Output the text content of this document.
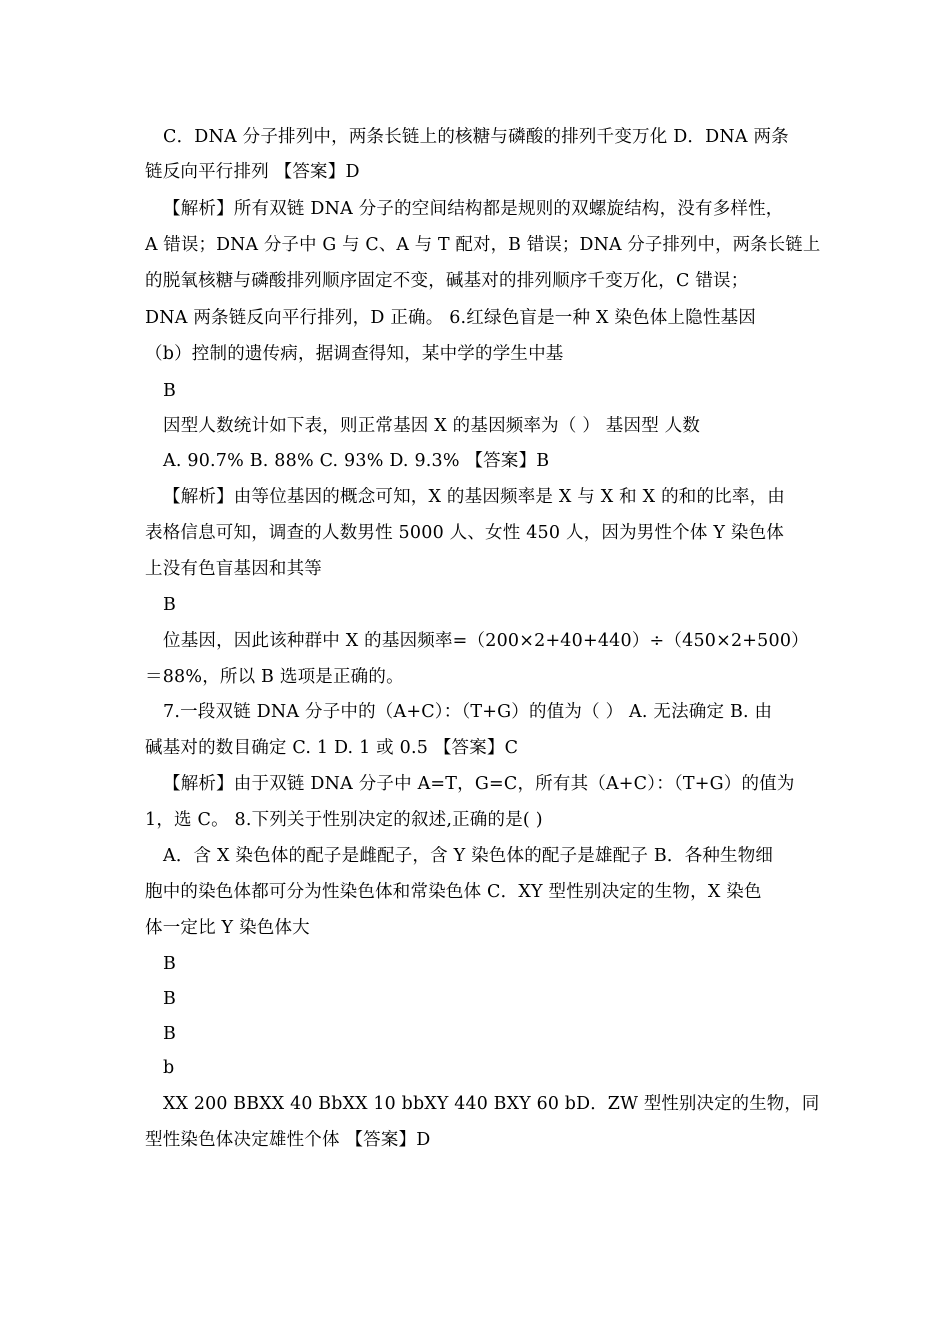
C．DNA 分子排列中，两条长链上的核糖与磷酸的排列千变万化 D．DNA 两条
链反向平行排列 【答案】D
【解析】所有双链 DNA 分子的空间结构都是规则的双螺旋结构，没有多样性，
A 错误；DNA 分子中 G 与 C、A 与 T 配对，B 错误；DNA 分子排列中，两条长链上
的脱氧核糖与磷酸排列顺序固定不变，碱基对的排列顺序千变万化，C 错误；
DNA 两条链反向平行排列，D 正确。 6.红绿色盲是一种 X 染色体上隐性基因
（b）控制的遗传病，据调查得知，某中学的学生中基
B
因型人数统计如下表，则正常基因 X 的基因频率为（ ） 基因型 人数
A. 90.7% B. 88% C. 93% D. 9.3% 【答案】B
【解析】由等位基因的概念可知，X 的基因频率是 X 与 X 和 X 的和的比率，由
表格信息可知，调查的人数男性 5000 人、女性 450 人，因为男性个体 Y 染色体
上没有色盲基因和其等
B
位基因，因此该种群中 X 的基因频率=（200×2+40+440）÷（450×2+500）
＝88%，所以 B 选项是正确的。
7.一段双链 DNA 分子中的（A+C）：（T+G）的值为（ ） A. 无法确定 B. 由
碱基对的数目确定 C. 1 D. 1 或 0.5 【答案】C
【解析】由于双链 DNA 分子中 A=T，G=C，所有其（A+C）：（T+G）的值为
1，选 C。 8.下列关于性别决定的叙述,正确的是( )
A．含 X 染色体的配子是雌配子，含 Y 染色体的配子是雄配子 B．各种生物细
胞中的染色体都可分为性染色体和常染色体 C．XY 型性别决定的生物，X 染色
体一定比 Y 染色体大
B
B
B
b
XX 200 BBXX 40 BbXX 10 bbXY 440 BXY 60 bD．ZW 型性别决定的生物，同
型性染色体决定雄性个体 【答案】D
